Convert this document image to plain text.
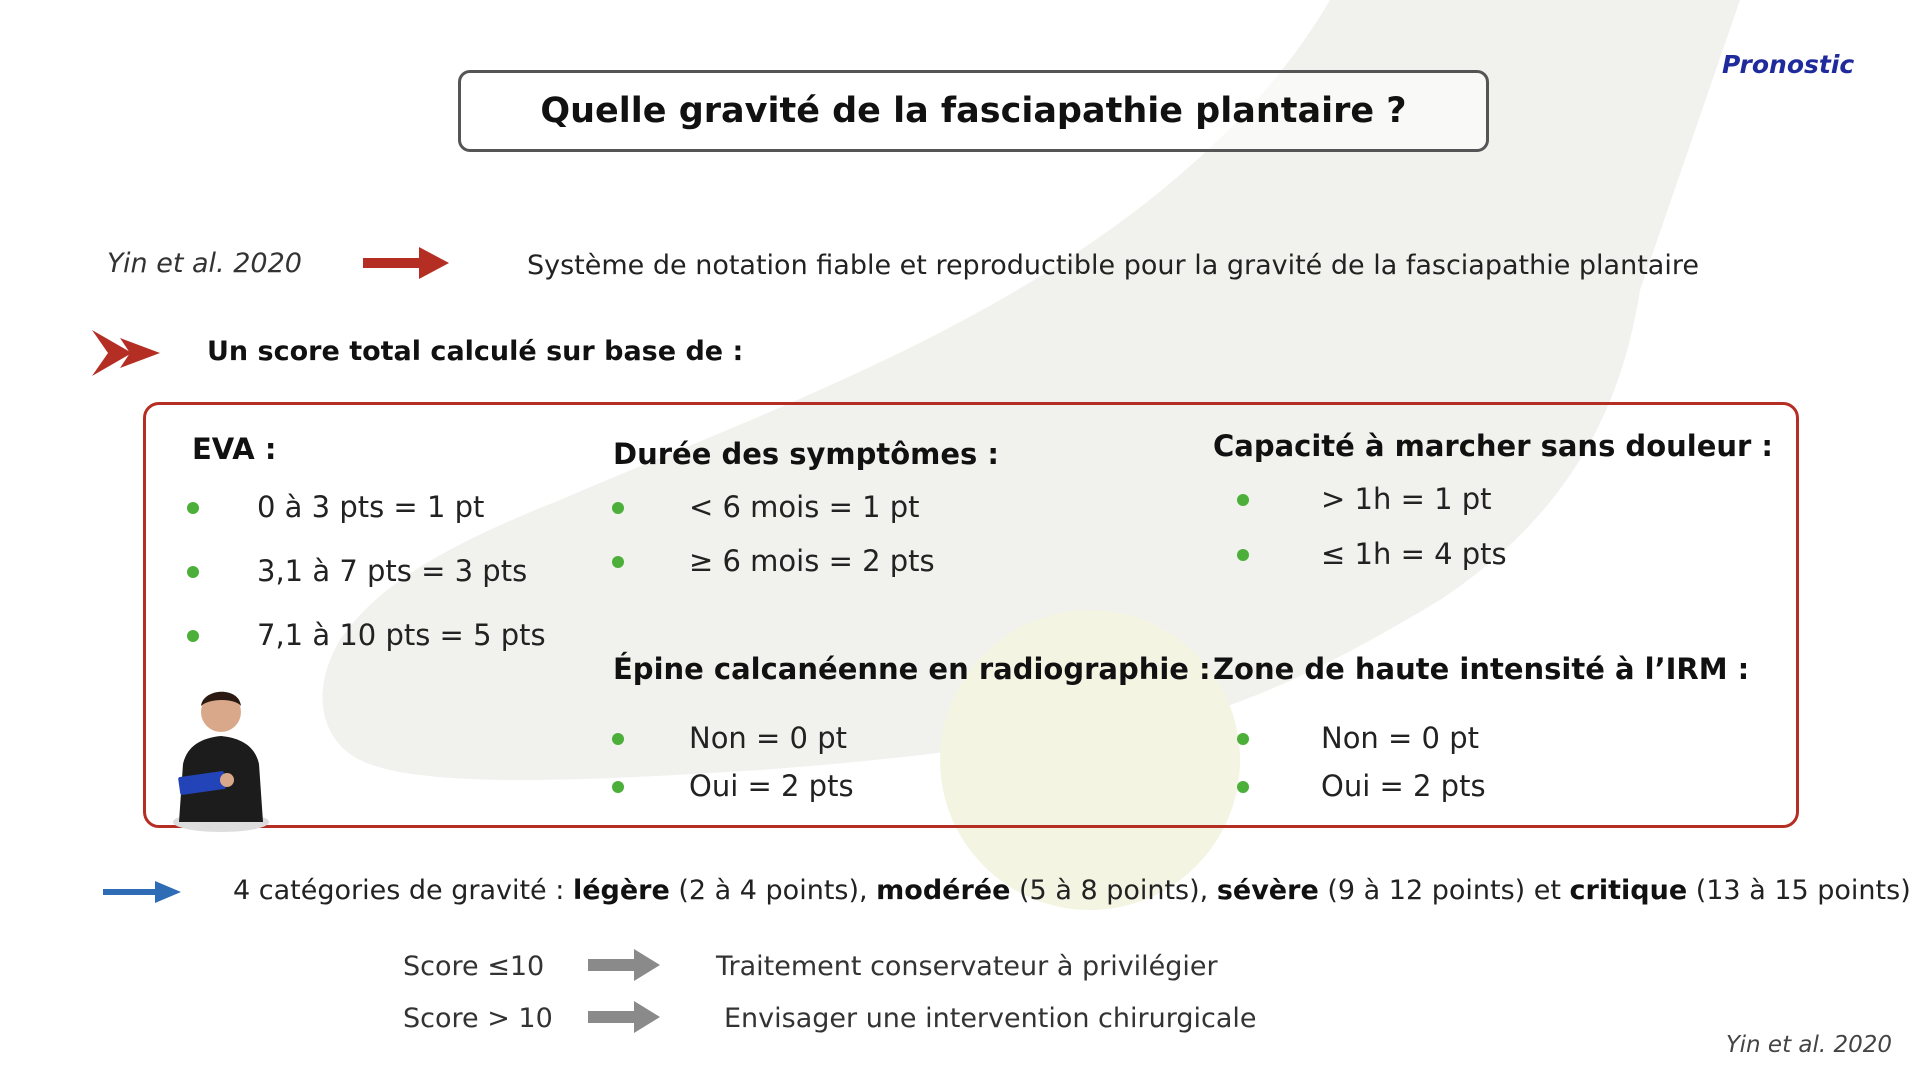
Pronostic
Quelle gravité de la fasciapathie plantaire ?
Yin et al. 2020	Système de notation fiable et reproductible pour la gravité de la fasciapathie plantaire
Un score total calculé sur base de :
EVA :
0 à 3 pts = 1 pt
3,1 à 7 pts = 3 pts
7,1 à 10 pts = 5 pts
Durée des symptômes :
< 6 mois = 1 pt
≥ 6 mois = 2 pts
Capacité à marcher sans douleur :
> 1h = 1 pt
≤ 1h = 4 pts
Épine calcanéenne en radiographie :
Non = 0 pt
Oui = 2 pts
Zone de haute intensité à l’IRM :
Non = 0 pt
Oui = 2 pts
4 catégories de gravité : légère (2 à 4 points), modérée (5 à 8 points), sévère (9 à 12 points) et critique (13 à 15 points)
Score ≤10	Traitement conservateur à privilégier
Score > 10	Envisager une intervention chirurgicale
Yin et al. 2020
